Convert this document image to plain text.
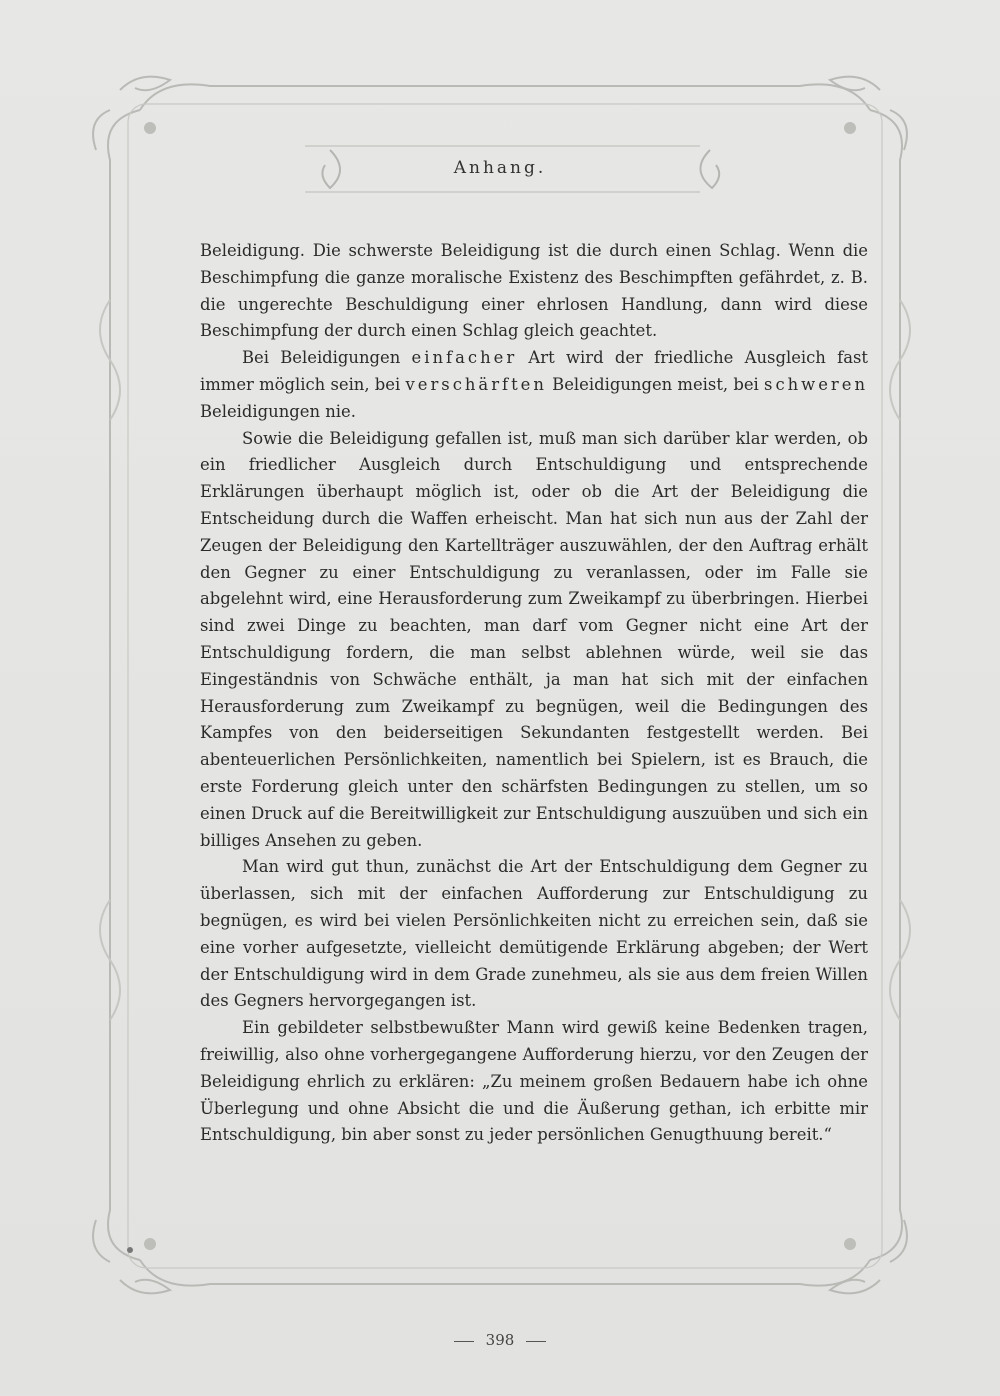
Anhang.

Beleidigung. Die schwerste Beleidigung ist die durch einen Schlag. Wenn die Beschimpfung die ganze moralische Existenz des Beschimpften gefährdet, z. B. die ungerechte Beschuldigung einer ehrlosen Handlung, dann wird diese Beschimpfung der durch einen Schlag gleich geachtet.

Bei Beleidigungen einfacher Art wird der friedliche Ausgleich fast immer möglich sein, bei verschärften Beleidigungen meist, bei schweren Beleidigungen nie.

Sowie die Beleidigung gefallen ist, muß man sich darüber klar werden, ob ein friedlicher Ausgleich durch Entschuldigung und entsprechende Erklärungen überhaupt möglich ist, oder ob die Art der Beleidigung die Entscheidung durch die Waffen erheischt. Man hat sich nun aus der Zahl der Zeugen der Beleidigung den Kartellträger auszuwählen, der den Auftrag erhält den Gegner zu einer Entschuldigung zu veranlassen, oder im Falle sie abgelehnt wird, eine Herausforderung zum Zweikampf zu überbringen. Hierbei sind zwei Dinge zu beachten, man darf vom Gegner nicht eine Art der Entschuldigung fordern, die man selbst ablehnen würde, weil sie das Eingeständnis von Schwäche enthält, ja man hat sich mit der einfachen Herausforderung zum Zweikampf zu begnügen, weil die Bedingungen des Kampfes von den beiderseitigen Sekundanten festgestellt werden. Bei abenteuerlichen Persönlichkeiten, namentlich bei Spielern, ist es Brauch, die erste Forderung gleich unter den schärfsten Bedingungen zu stellen, um so einen Druck auf die Bereitwilligkeit zur Entschuldigung auszuüben und sich ein billiges Ansehen zu geben.

Man wird gut thun, zunächst die Art der Entschuldigung dem Gegner zu überlassen, sich mit der einfachen Aufforderung zur Entschuldigung zu begnügen, es wird bei vielen Persönlichkeiten nicht zu erreichen sein, daß sie eine vorher aufgesetzte, vielleicht demütigende Erklärung abgeben; der Wert der Entschuldigung wird in dem Grade zunehmeu, als sie aus dem freien Willen des Gegners hervorgegangen ist.

Ein gebildeter selbstbewußter Mann wird gewiß keine Bedenken tragen, freiwillig, also ohne vorhergegangene Aufforderung hierzu, vor den Zeugen der Beleidigung ehrlich zu erklären: „Zu meinem großen Bedauern habe ich ohne Überlegung und ohne Absicht die und die Äußerung gethan, ich erbitte mir Entschuldigung, bin aber sonst zu jeder persönlichen Genugthuung bereit.“

398
